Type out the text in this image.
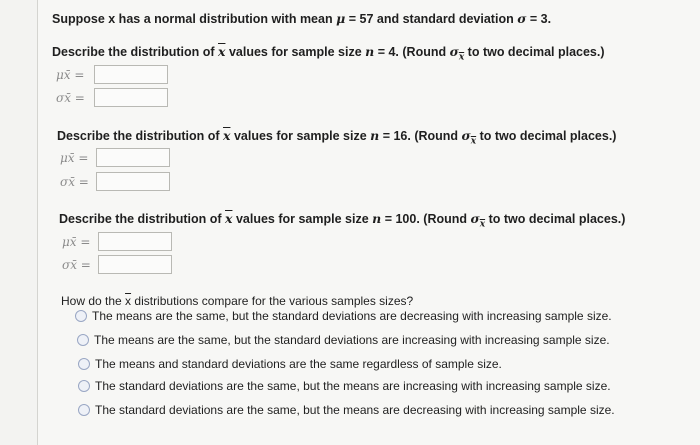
Suppose x has a normal distribution with mean μ = 57 and standard deviation σ = 3.
Describe the distribution of $\overline{x}$ values for sample size n = 4. (Round $\sigma_{\overline{x}}$ to two decimal places.)
μx̄ =
σx̄ =
Describe the distribution of $\overline{x}$ values for sample size n = 16. (Round $\sigma_{\overline{x}}$ to two decimal places.)
μx̄ =
σx̄ =
Describe the distribution of $\overline{x}$ values for sample size n = 100. (Round $\sigma_{\overline{x}}$ to two decimal places.)
μx̄ =
σx̄ =
How do the $\overline{x}$ distributions compare for the various samples sizes?
The means are the same, but the standard deviations are decreasing with increasing sample size.
The means are the same, but the standard deviations are increasing with increasing sample size.
The means and standard deviations are the same regardless of sample size.
The standard deviations are the same, but the means are increasing with increasing sample size.
The standard deviations are the same, but the means are decreasing with increasing sample size.
